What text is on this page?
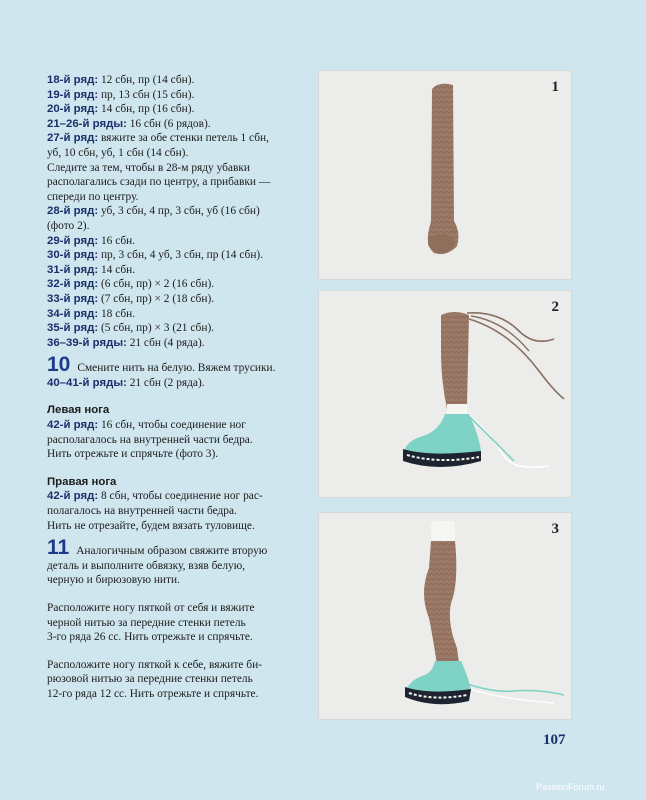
18-й ряд: 12 сбн, пр (14 сбн).
19-й ряд: пр, 13 сбн (15 сбн).
20-й ряд: 14 сбн, пр (16 сбн).
21–26-й ряды: 16 сбн (6 рядов).
27-й ряд: вяжите за обе стенки петель 1 сбн,
уб, 10 сбн, уб, 1 сбн (14 сбн).
Следите за тем, чтобы в 28-м ряду убавки
располагались сзади по центру, а прибавки —
спереди по центру.
28-й ряд: уб, 3 сбн, 4 пр, 3 сбн, уб (16 сбн)
(фото 2).
29-й ряд: 16 сбн.
30-й ряд: пр, 3 сбн, 4 уб, 3 сбн, пр (14 сбн).
31-й ряд: 14 сбн.
32-й ряд: (6 сбн, пр) × 2 (16 сбн).
33-й ряд: (7 сбн, пр) × 2 (18 сбн).
34-й ряд: 18 сбн.
35-й ряд: (5 сбн, пр) × 3 (21 сбн).
36–39-й ряды: 21 сбн (4 ряда).
10 Смените нить на белую. Вяжем трусики.
40–41-й ряды: 21 сбн (2 ряда).
Левая нога
42-й ряд: 16 сбн, чтобы соединение ног
располагалось на внутренней части бедра.
Нить отрежьте и спрячьте (фото 3).
Правая нога
42-й ряд: 8 сбн, чтобы соединение ног рас-
полагалось на внутренней части бедра.
Нить не отрезайте, будем вязать туловище.
11 Аналогичным образом свяжите вторую
деталь и выполните обвязку, взяв белую,
черную и бирюзовую нити.
Расположите ногу пяткой от себя и вяжите
черной нитью за передние стенки петель
3-го ряда 26 сс. Нить отрежьте и спрячьте.
Расположите ногу пяткой к себе, вяжите би-
рюзовой нитью за передние стенки петель
12-го ряда 12 сс. Нить отрежьте и спрячьте.
1
2
3
107
PassionForum.ru
